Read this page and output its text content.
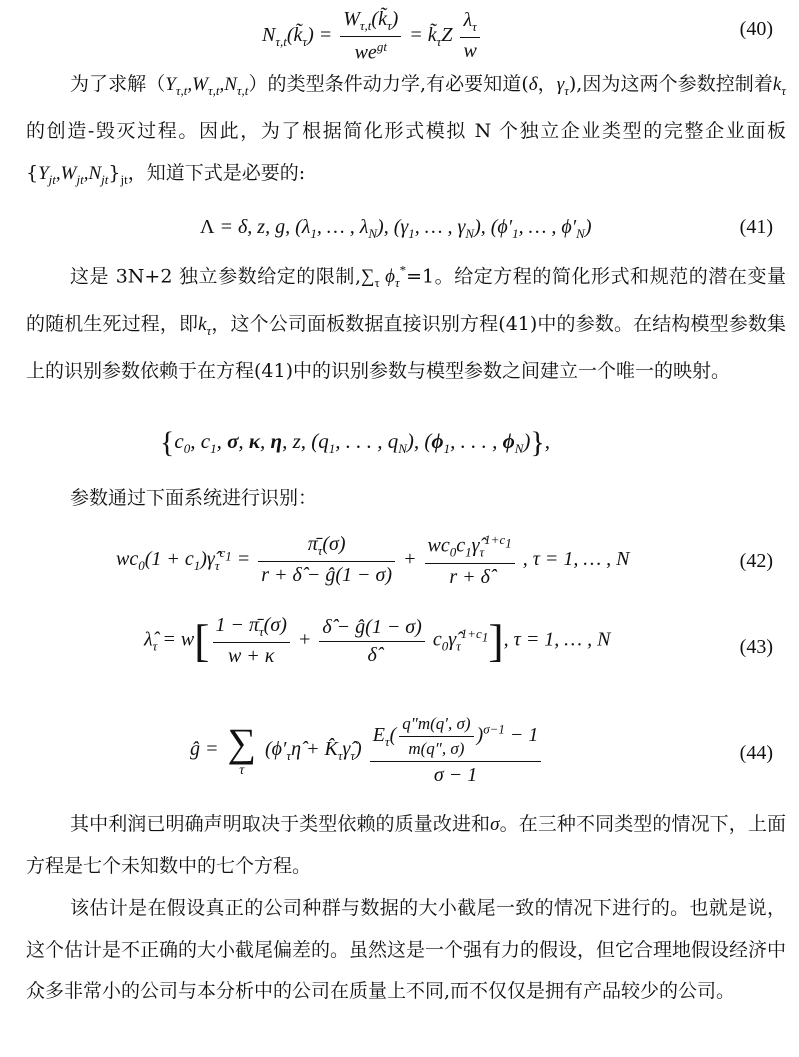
$N_{\tau,t}(k̃_\tau) = \frac{W_{\tau,t}(k̃_\tau)}{we^{gt}}$ = $k̃_\tau Z \frac{\lambda_\tau}{w}$	(40)
为了求解$(Y_{\tau,t},W_{\tau,t},N_{\tau,t})$的类型条件动力学,有必要知道(δ，$\gamma_\tau$),因为这两个参数控制着$k_\tau$的创造-毁灭过程。因此，为了根据简化形式模拟 N 个独立企业类型的完整企业面板$\{Y_{jt},W_{jt},N_{jt}\}_{jt}$，知道下式是必要的:
Λ = δ, z, g, ($\lambda_1$, … , $\lambda_N$), ($\gamma_1$, … , $\gamma_N$), ($\phi'_1$, … , $\phi'_N$)	(41)
这是 3N+2 独立参数给定的限制$,\sum_\tau$ $\phi_\tau^*=1$。给定方程的简化形式和规范的潜在变量的随机生死过程，即$k_\tau$，这个公司面板数据直接识别方程(41)中的参数。在结构模型参数集上的识别参数依赖于在方程(41)中的识别参数与模型参数之间建立一个唯一的映射。
{$c_0$, $c_1$, σ, κ, η, z, ($q_1$, . . . , $q_N$), ($\phi_1$, . . . , $\phi_N$)},
参数通过下面系统进行识别：
$wc_0(1$ + $c_1)\gammâ_\tau^{c_1} = \frac{\pī_\tau(\sigma)}{r + \deltâ - ĝ(1 - \sigma)} + \frac{wc_0c_1\gammâ_\tau^{1+c_1}}{r + \deltâ}$ , τ = 1, … , N	(42)
$\lambdâ_\tau = w[ \frac{1 - \pī_\tau(\sigma)}{w + \kappa} + \frac{\deltâ - ĝ(1 - \sigma)}{\deltâ}$ $c_0\gammâ_\tau^{1+c_1}$], τ = 1, … , N	(43)
ĝ = ∑
τ
($\phi'_\tau\etâ$ + $K̂_\tau\gammâ_\tau) \frac{E_\tau( \frac{q''m(q', \sigma)}{m(q'', \sigma)} )^{\sigma-1} - 1}{\sigma - 1}$	(44)
其中利润已明确声明取决于类型依赖的质量改进和σ。在三种不同类型的情况下，上面方程是七个未知数中的七个方程。
该估计是在假设真正的公司种群与数据的大小截尾一致的情况下进行的。也就是说，这个估计是不正确的大小截尾偏差的。虽然这是一个强有力的假设，但它合理地假设经济中众多非常小的公司与本分析中的公司在质量上不同,而不仅仅是拥有产品较少的公司。
